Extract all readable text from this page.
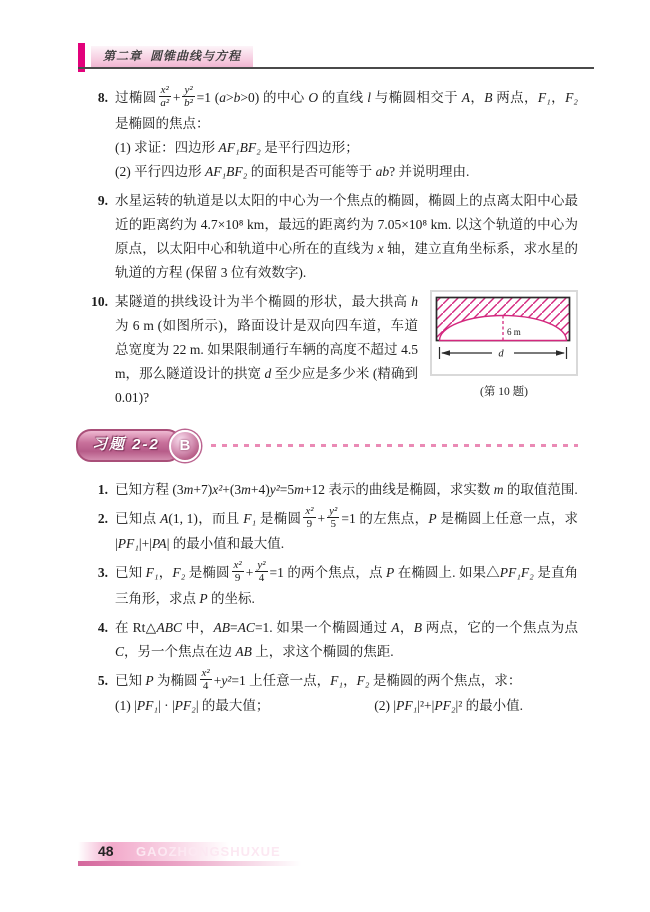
第二章 圆锥曲线与方程
8. 过椭圆 $\frac{\text{x²}}{\text{a²}} + \frac{\text{y²}}{\text{b²}} =1$ (a>b>0) 的中心 O 的直线 l 与椭圆相交于 A，B 两点，F₁，F₂ 是椭圆的焦点：
(1) 求证：四边形 AF₁BF₂ 是平行四边形；
(2) 平行四边形 AF₁BF₂ 的面积是否可能等于 ab? 并说明理由.
9. 水星运转的轨道是以太阳的中心为一个焦点的椭圆，椭圆上的点离太阳中心最近的距离约为 4.7×10⁸ km，最远的距离约为 7.05×10⁸ km. 以这个轨道的中心为原点，以太阳中心和轨道中心所在的直线为 x 轴，建立直角坐标系，求水星的轨道的方程 (保留 3 位有效数字).
10.
6 m
d
(第 10 题)
某隧道的拱线设计为半个椭圆的形状，最大拱高 h 为 6 m (如图所示)，路面设计是双向四车道，车道总宽度为 22 m. 如果限制通行车辆的高度不超过 4.5 m，那么隧道设计的拱宽 d 至少应是多少米 (精确到 0.01)?
习题 2-2	B
1. 已知方程 (3m+7)x²+(3m+4)y²=5m+12 表示的曲线是椭圆，求实数 m 的取值范围.
2. 已知点 A(1, 1)，而且 F₁ 是椭圆 $\frac{\text{x²}}{9} + \frac{\text{y²}}{5} =1$ 的左焦点，P 是椭圆上任意一点，求 |PF₁|+|PA| 的最小值和最大值.
3. 已知 F₁，F₂ 是椭圆 $\frac{\text{x²}}{9} + \frac{\text{y²}}{4} =1$ 的两个焦点，点 P 在椭圆上. 如果△PF₁F₂ 是直角三角形，求点 P 的坐标.
4. 在 Rt△ABC 中，AB=AC=1. 如果一个椭圆通过 A，B 两点，它的一个焦点为点 C，另一个焦点在边 AB 上，求这个椭圆的焦距.
5. 已知 P 为椭圆 $\frac{\text{x²}}{4} +y^2=1$ 上任意一点，F₁，F₂ 是椭圆的两个焦点，求：
(1) |PF₁| · |PF₂| 的最大值；	(2) |PF₁|²+|PF₂|² 的最小值.
GAOZHONGSHUXUE
48
